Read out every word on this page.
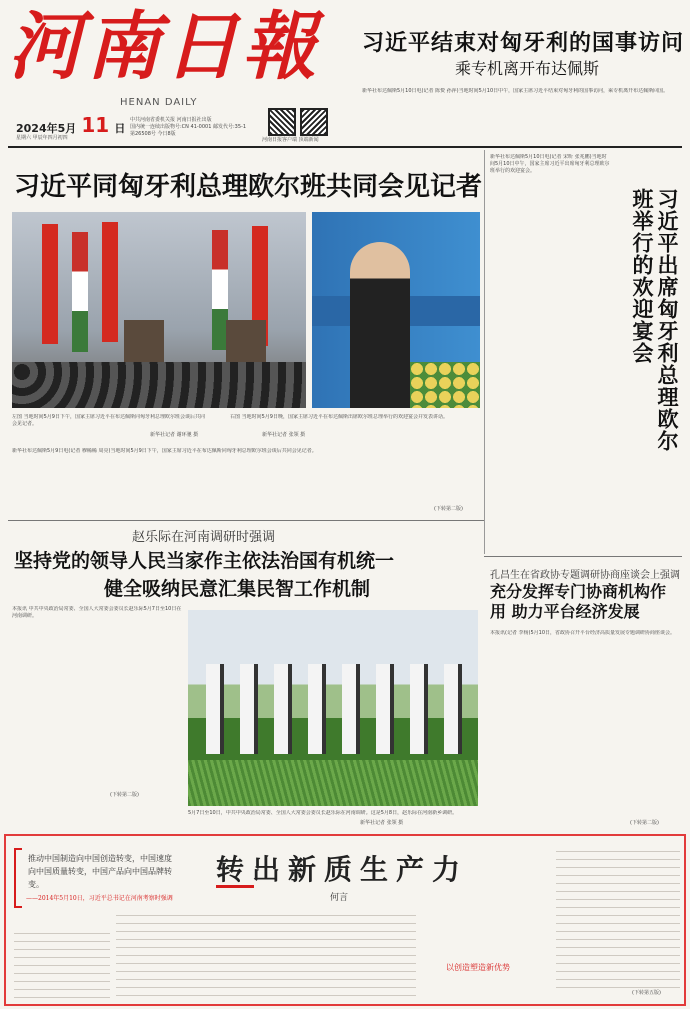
河南日報
HENAN DAILY
2024年5月 11 日
星期六 甲辰年四月初四
中共河南省委机关报 河南日报社出版
国内统一连续出版物号:CN 41-0001 邮发代号:35-1
第26508号 今日8版
河南日报客户端 顶端新闻
习近平结束对匈牙利的国事访问
乘专机离开布达佩斯
新华社布达佩斯5月10日电(记者 陈贽 孙萍)当地时间5月10日中午，国家主席习近平结束对匈牙利的国事访问，乘专机离开布达佩斯回国。
习近平同匈牙利总理欧尔班共同会见记者
左图 当地时间5月9日下午，国家主席习近平在布达佩斯同匈牙利总理欧尔班会谈后共同会见记者。
新华社记者 谢环驰 摄
右图 当地时间5月9日晚，国家主席习近平在布达佩斯出席欧尔班总理举行的欢迎宴会并发表讲话。
新华社记者 张领 摄
新华社布达佩斯5月9日电(记者 穆稀稀 周亮)当地时间5月9日下午，国家主席习近平在布达佩斯同匈牙利总理欧尔班会谈后共同会见记者。
(下转第二版)
新华社布达佩斯5月10日电(记者 宋昕 张兆鹏)当地时间5月10日中午，国家主席习近平出席匈牙利总理欧尔班举行的欢迎宴会。
习近平出席匈牙利总理欧尔班举行的欢迎宴会
赵乐际在河南调研时强调
坚持党的领导人民当家作主依法治国有机统一
健全吸纳民意汇集民智工作机制
本报讯 中共中央政治局常委、全国人大常委会委员长赵乐际5月7日至10日在河南调研。
(下转第二版)
5月7日至10日，中共中央政治局常委、全国人大常委会委员长赵乐际在河南调研。这是5月8日，赵乐际在河南新乡调研。
新华社记者 张领 摄
孔昌生在省政协专题调研协商座谈会上强调
充分发挥专门协商机构作用 助力平台经济发展
本报讯(记者 李杨)5月10日，省政协召开平台经济高质量发展专题调研协商座谈会。
(下转第二版)
推动中国制造向中国创造转变，中国速度向中国质量转变，中国产品向中国品牌转变。
——2014年5月10日，习近平总书记在河南考察时强调
转出新质生产力
何言
以创造塑造新优势
(下转第五版)
